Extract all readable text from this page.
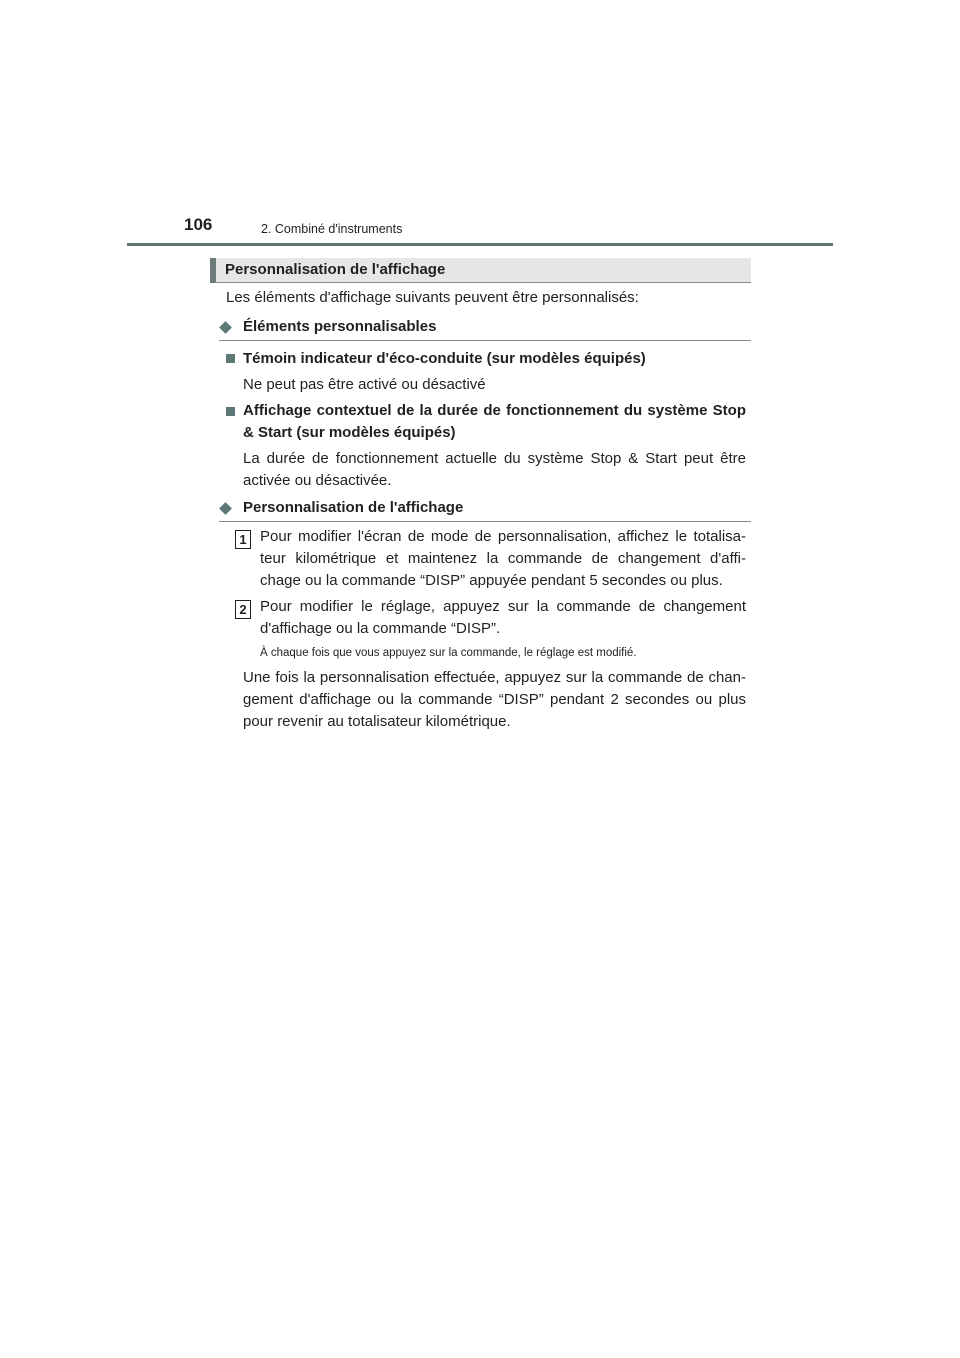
106	2. Combiné d'instruments
Personnalisation de l'affichage
Les éléments d'affichage suivants peuvent être personnalisés:
Éléments personnalisables
Témoin indicateur d'éco-conduite (sur modèles équipés)
Ne peut pas être activé ou désactivé
Affichage contextuel de la durée de fonctionnement du système Stop
& Start (sur modèles équipés)
La durée de fonctionnement actuelle du système Stop & Start peut être
activée ou désactivée.
Personnalisation de l'affichage
1 Pour modifier l'écran de mode de personnalisation, affichez le totalisa-
teur kilométrique et maintenez la commande de changement d'affi-
chage ou la commande “DISP” appuyée pendant 5 secondes ou plus.
2 Pour modifier le réglage, appuyez sur la commande de changement
d'affichage ou la commande “DISP”.
À chaque fois que vous appuyez sur la commande, le réglage est modifié.
Une fois la personnalisation effectuée, appuyez sur la commande de chan-
gement d'affichage ou la commande “DISP” pendant 2 secondes ou plus
pour revenir au totalisateur kilométrique.
